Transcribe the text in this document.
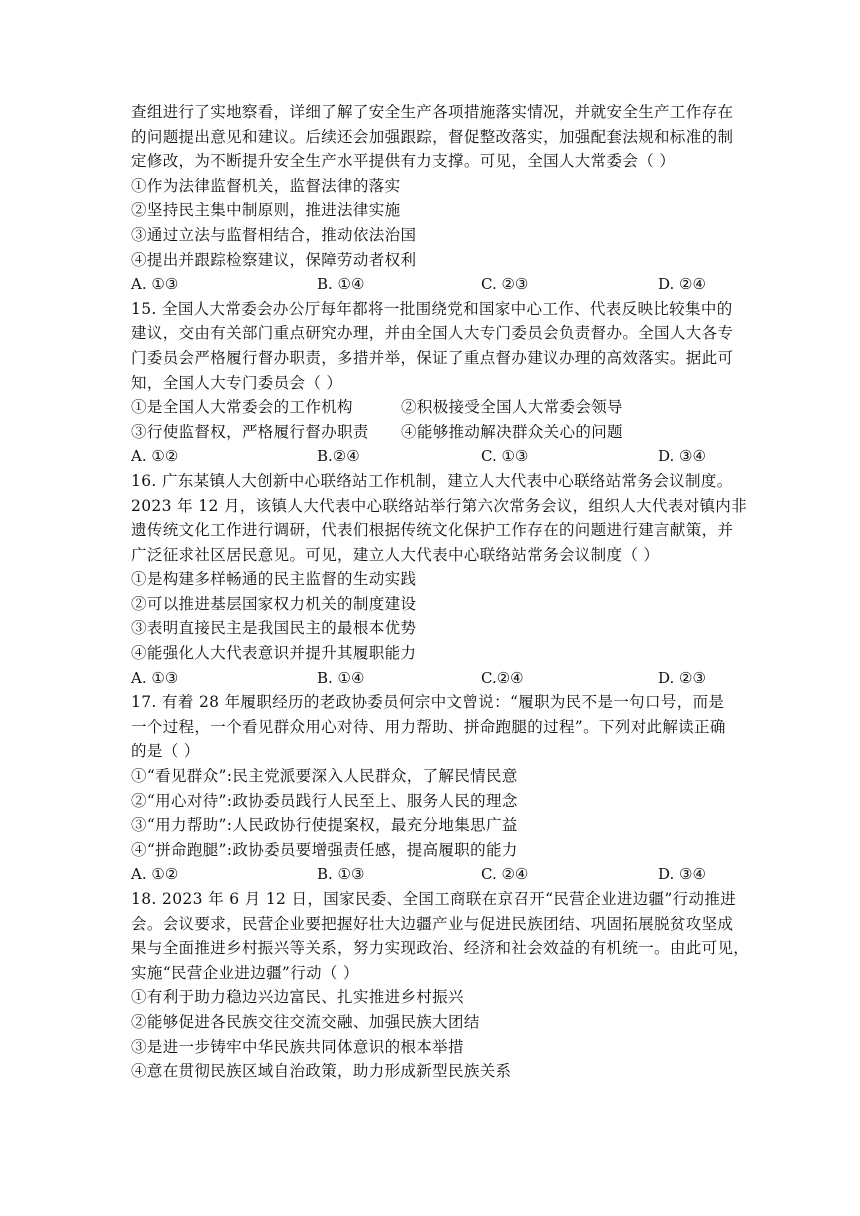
查组进行了实地察看，详细了解了安全生产各项措施落实情况，并就安全生产工作存在
的问题提出意见和建议。后续还会加强跟踪，督促整改落实，加强配套法规和标准的制
定修改，为不断提升安全生产水平提供有力支撑。可见，全国人大常委会（ ）
①作为法律监督机关，监督法律的落实
②坚持民主集中制原则，推进法律实施
③通过立法与监督相结合，推动依法治国
④提出并跟踪检察建议，保障劳动者权利
A. ①③	B. ①④	C. ②③	D. ②④
15. 全国人大常委会办公厅每年都将一批围绕党和国家中心工作、代表反映比较集中的
建议，交由有关部门重点研究办理，并由全国人大专门委员会负责督办。全国人大各专
门委员会严格履行督办职责，多措并举，保证了重点督办建议办理的高效落实。据此可
知，全国人大专门委员会（ ）
①是全国人大常委会的工作机构	②积极接受全国人大常委会领导
③行使监督权，严格履行督办职责	④能够推动解决群众关心的问题
A. ①②	B.②④	C. ①③	D. ③④
16. 广东某镇人大创新中心联络站工作机制，建立人大代表中心联络站常务会议制度。
2023 年 12 月，该镇人大代表中心联络站举行第六次常务会议，组织人大代表对镇内非
遗传统文化工作进行调研，代表们根据传统文化保护工作存在的问题进行建言献策，并
广泛征求社区居民意见。可见，建立人大代表中心联络站常务会议制度（ ）
①是构建多样畅通的民主监督的生动实践
②可以推进基层国家权力机关的制度建设
③表明直接民主是我国民主的最根本优势
④能强化人大代表意识并提升其履职能力
A. ①③	B. ①④	C.②④	D. ②③
17. 有着 28 年履职经历的老政协委员何宗中文曾说：“履职为民不是一句口号，而是
一个过程，一个看见群众用心对待、用力帮助、拼命跑腿的过程”。下列对此解读正确
的是（ ）
①“看见群众”:民主党派要深入人民群众，了解民情民意
②“用心对待”:政协委员践行人民至上、服务人民的理念
③“用力帮助”:人民政协行使提案权，最充分地集思广益
④“拼命跑腿”:政协委员要增强责任感，提高履职的能力
A. ①②	B. ①③	C. ②④	D. ③④
18. 2023 年 6 月 12 日，国家民委、全国工商联在京召开“民营企业进边疆”行动推进
会。会议要求，民营企业要把握好壮大边疆产业与促进民族团结、巩固拓展脱贫攻坚成
果与全面推进乡村振兴等关系，努力实现政治、经济和社会效益的有机统一。由此可见，
实施“民营企业进边疆”行动（ ）
①有利于助力稳边兴边富民、扎实推进乡村振兴
②能够促进各民族交往交流交融、加强民族大团结
③是进一步铸牢中华民族共同体意识的根本举措
④意在贯彻民族区域自治政策，助力形成新型民族关系
